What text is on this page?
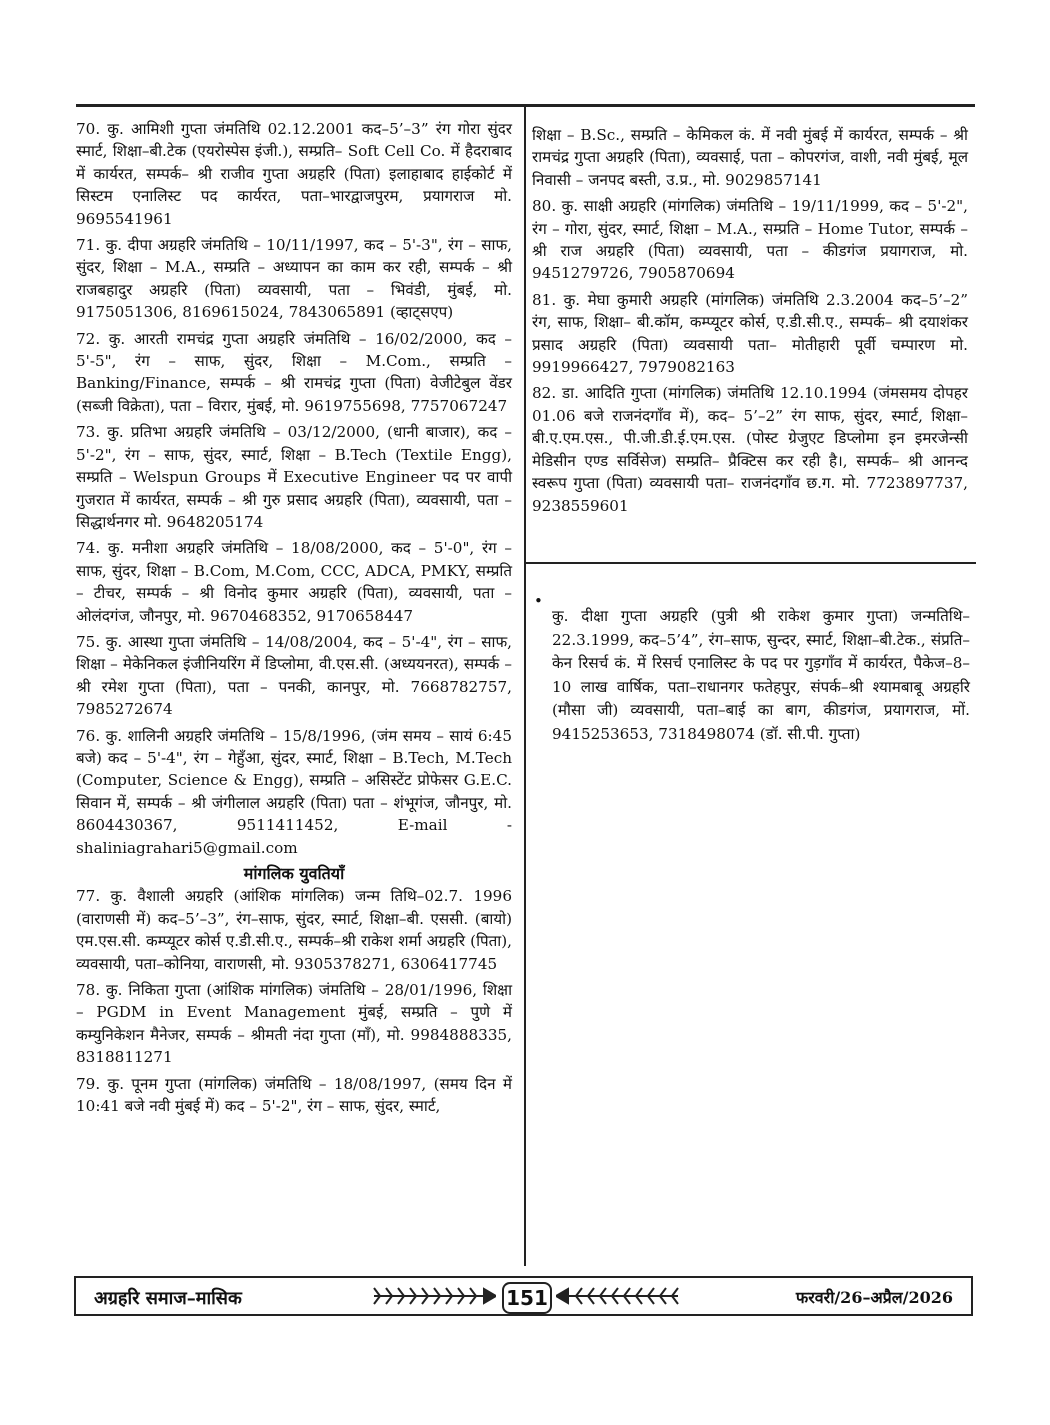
70. कु. आमिशी गुप्ता जंमतिथि 02.12.2001 कद–5’–3” रंग गोरा सुंदर स्मार्ट, शिक्षा–बी.टेक (एयरोस्पेस इंजी.), सम्प्रति– Soft Cell Co. में हैदराबाद में कार्यरत, सम्पर्क– श्री राजीव गुप्ता अग्रहरि (पिता) इलाहाबाद हाईकोर्ट में सिस्टम एनालिस्ट पद कार्यरत, पता–भारद्वाजपुरम, प्रयागराज मो. 9695541961

71. कु. दीपा अग्रहरि जंमतिथि – 10/11/1997, कद – 5'-3", रंग – साफ, सुंदर, शिक्षा – M.A., सम्प्रति – अध्यापन का काम कर रही, सम्पर्क – श्री राजबहादुर अग्रहरि (पिता) व्यवसायी, पता – भिवंडी, मुंबई, मो. 9175051306, 8169615024, 7843065891 (व्हाट्सएप)

72. कु. आरती रामचंद्र गुप्ता अग्रहरि जंमतिथि – 16/02/2000, कद – 5'-5", रंग – साफ, सुंदर, शिक्षा – M.Com., सम्प्रति – Banking/Finance, सम्पर्क – श्री रामचंद्र गुप्ता (पिता) वेजीटेबुल वेंडर (सब्जी विक्रेता), पता – विरार, मुंबई, मो. 9619755698, 7757067247

73. कु. प्रतिभा अग्रहरि जंमतिथि – 03/12/2000, (धानी बाजार), कद – 5'-2", रंग – साफ, सुंदर, स्मार्ट, शिक्षा – B.Tech (Textile Engg), सम्प्रति – Welspun Groups में Executive Engineer पद पर वापी गुजरात में कार्यरत, सम्पर्क – श्री गुरु प्रसाद अग्रहरि (पिता), व्यवसायी, पता – सिद्धार्थनगर मो. 9648205174

74. कु. मनीशा अग्रहरि जंमतिथि – 18/08/2000, कद – 5'-0", रंग – साफ, सुंदर, शिक्षा – B.Com, M.Com, CCC, ADCA, PMKY, सम्प्रति – टीचर, सम्पर्क – श्री विनोद कुमार अग्रहरि (पिता), व्यवसायी, पता – ओलंदगंज, जौनपुर, मो. 9670468352, 9170658447

75. कु. आस्था गुप्ता जंमतिथि – 14/08/2004, कद – 5'-4", रंग – साफ, शिक्षा – मेकेनिकल इंजीनियरिंग में डिप्लोमा, वी.एस.सी. (अध्ययनरत), सम्पर्क – श्री रमेश गुप्ता (पिता), पता – पनकी, कानपुर, मो. 7668782757, 7985272674

76. कु. शालिनी अग्रहरि जंमतिथि – 15/8/1996, (जंम समय – सायं 6:45 बजे) कद – 5'-4", रंग – गेहुँआ, सुंदर, स्मार्ट, शिक्षा – B.Tech, M.Tech (Computer, Science & Engg), सम्प्रति – असिस्टेंट प्रोफेसर G.E.C. सिवान में, सम्पर्क – श्री जंगीलाल अग्रहरि (पिता) पता – शंभूगंज, जौनपुर, मो. 8604430367, 9511411452, E-mail - shaliniagrahari5@gmail.com

मांगलिक युवतियाँ

77. कु. वैशाली अग्रहरि (आंशिक मांगलिक) जन्म तिथि–02.7. 1996 (वाराणसी में) कद–5’–3”, रंग–साफ, सुंदर, स्मार्ट, शिक्षा–बी. एससी. (बायो) एम.एस.सी. कम्प्यूटर कोर्स ए.डी.सी.ए., सम्पर्क–श्री राकेश शर्मा अग्रहरि (पिता), व्यवसायी, पता–कोनिया, वाराणसी, मो. 9305378271, 6306417745

78. कु. निकिता गुप्ता (आंशिक मांगलिक) जंमतिथि – 28/01/1996, शिक्षा – PGDM in Event Management मुंबई, सम्प्रति – पुणे में कम्युनिकेशन मैनेजर, सम्पर्क – श्रीमती नंदा गुप्ता (माँ), मो. 9984888335, 8318811271

79. कु. पूनम गुप्ता (मांगलिक) जंमतिथि – 18/08/1997, (समय दिन में 10:41 बजे नवी मुंबई में) कद – 5'-2", रंग – साफ, सुंदर, स्मार्ट,

शिक्षा – B.Sc., सम्प्रति – केमिकल कं. में नवी मुंबई में कार्यरत, सम्पर्क – श्री रामचंद्र गुप्ता अग्रहरि (पिता), व्यवसाई, पता – कोपरगंज, वाशी, नवी मुंबई, मूल निवासी – जनपद बस्ती, उ.प्र., मो. 9029857141

80. कु. साक्षी अग्रहरि (मांगलिक) जंमतिथि – 19/11/1999, कद – 5'-2", रंग – गोरा, सुंदर, स्मार्ट, शिक्षा – M.A., सम्प्रति – Home Tutor, सम्पर्क – श्री राज अग्रहरि (पिता) व्यवसायी, पता – कीडगंज प्रयागराज, मो. 9451279726, 7905870694

81. कु. मेघा कुमारी अग्रहरि (मांगलिक) जंमतिथि 2.3.2004 कद–5’–2” रंग, साफ, शिक्षा– बी.कॉम, कम्प्यूटर कोर्स, ए.डी.सी.ए., सम्पर्क– श्री दयाशंकर प्रसाद अग्रहरि (पिता) व्यवसायी पता– मोतीहारी पूर्वी चम्पारण मो. 9919966427, 7979082163

82. डा. आदिति गुप्ता (मांगलिक) जंमतिथि 12.10.1994 (जंमसमय दोपहर 01.06 बजे राजनंदगाँव में), कद– 5’–2” रंग साफ, सुंदर, स्मार्ट, शिक्षा– बी.ए.एम.एस., पी.जी.डी.ई.एम.एस. (पोस्ट ग्रेजुएट डिप्लोमा इन इमरजेन्सी मेडिसीन एण्ड सर्विसेज) सम्प्रति– प्रैक्टिस कर रही है।, सम्पर्क– श्री आनन्द स्वरूप गुप्ता (पिता) व्यवसायी पता– राजनंदगाँव छ.ग. मो. 7723897737, 9238559601

•

कु. दीक्षा गुप्ता अग्रहरि (पुत्री श्री राकेश कुमार गुप्ता) जन्मतिथि–22.3.1999, कद–5’4”, रंग–साफ, सुन्दर, स्मार्ट, शिक्षा–बी.टेक., संप्रति–केन रिसर्च कं. में रिसर्च एनालिस्ट के पद पर गुड़गाँव में कार्यरत, पैकेज–8–10 लाख वार्षिक, पता–राधानगर फतेहपुर, संपर्क–श्री श्यामबाबू अग्रहरि (मौसा जी) व्यवसायी, पता–बाई का बाग, कीडगंज, प्रयागराज, मों. 9415253653, 7318498074 (डॉ. सी.पी. गुप्ता)

अग्रहरि समाज–मासिक	151	फरवरी/26–अप्रैल/2026
